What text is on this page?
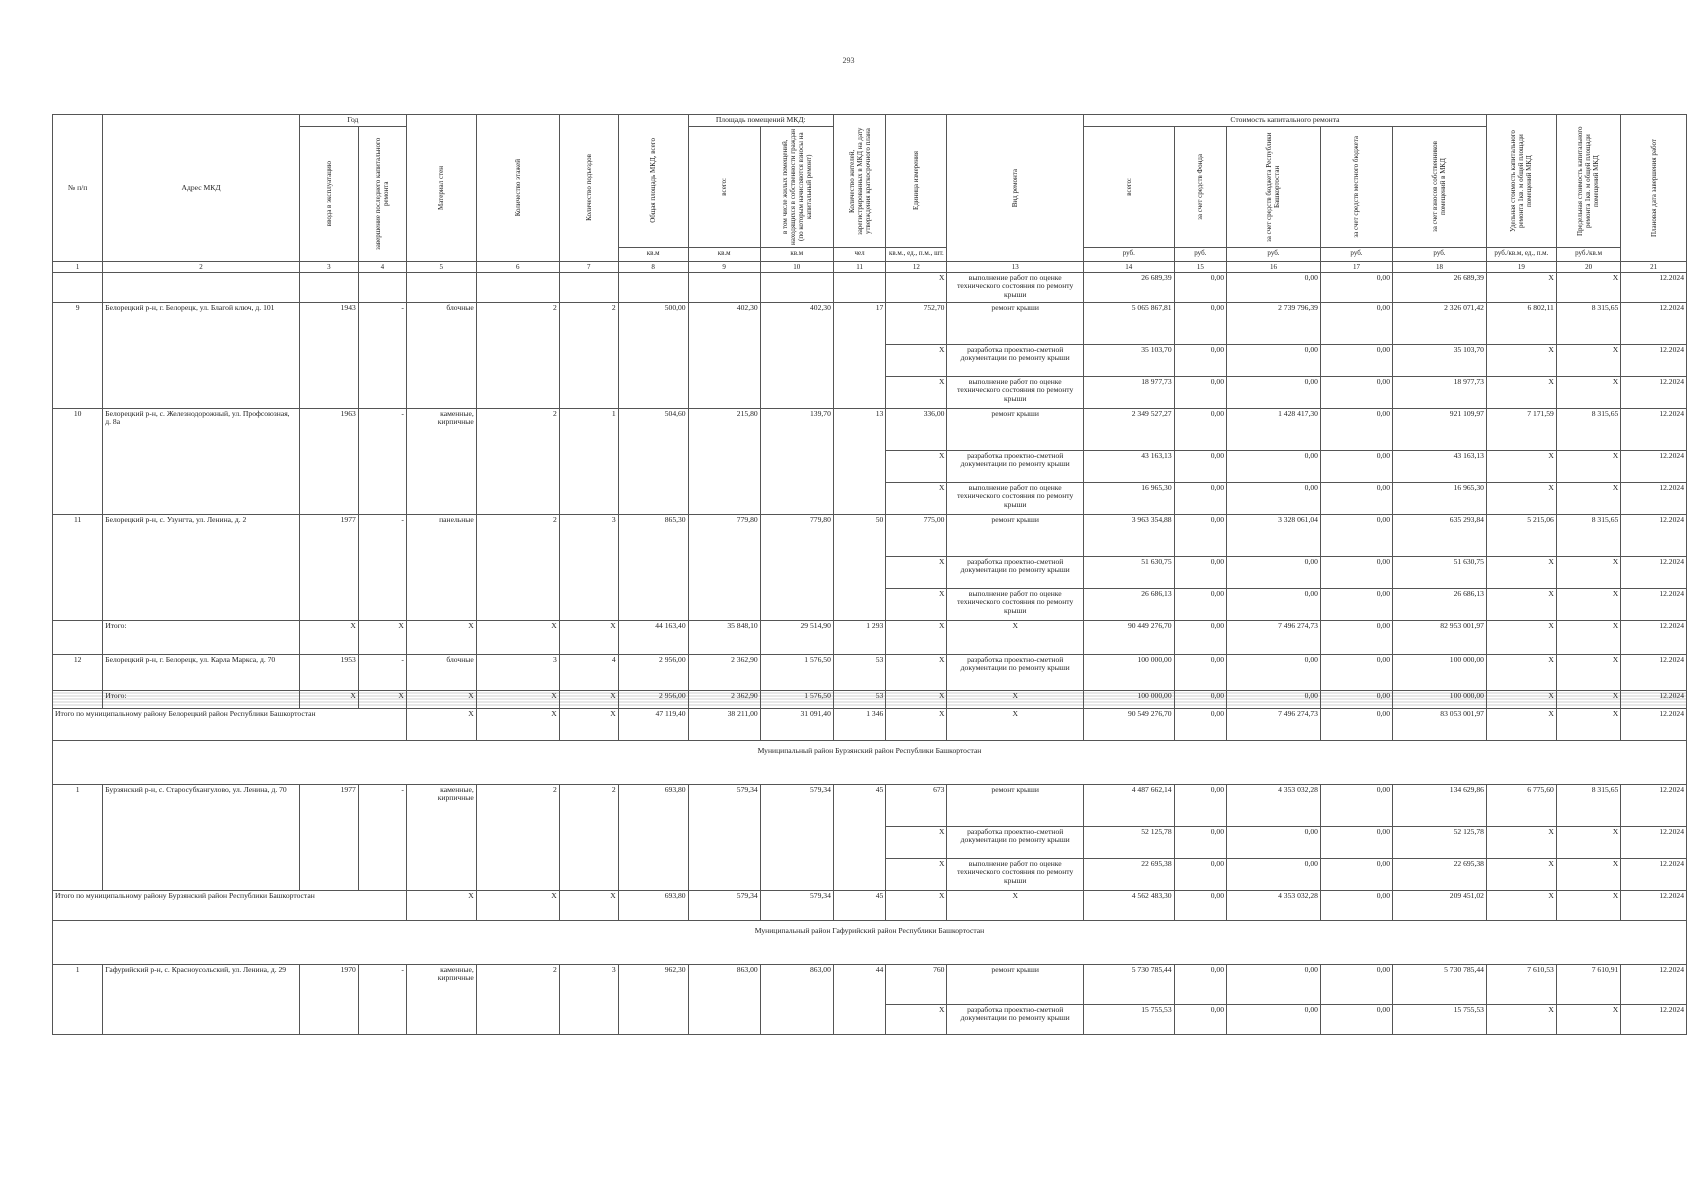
293
№ п/п	Адрес МКД	Год		Материал стен	Количество этажей	Количество подъездов	Общая площадь МКД, всего	Площадь помещений МКД:		Количество жителей, зарегистрированных в МКД на дату утверждения краткосрочного плана	Единица измерения	Вид ремонта	Стоимость капитального ремонта					Удельная стоимость капитального ремонта 1кв. м общей площади помещений МКД	Предельная стоимость капитального ремонта 1кв. м общей площади помещений МКД	Плановая дата завершения работ

		ввода в эксплуатацию	завершение последнего капитального ремонта					всего:	в том числе жилых помещений, находящихся в собственности граждан (по которым начисляются взносы на капитальный ремонт)				всего:	за счет средств Фонда	за счет средств бюджета Республики Башкортостан	за счет средств местного бюджета	за счет взносов собственников помещений в МКД			

							кв.м	кв.м	кв.м	чел	кв.м., ед., п.м., шт.		руб.	руб.	руб.	руб.	руб.	руб./кв.м, ед., п.м.	руб./кв.м	
1	2	3	4	5	6	7	8	9	10	11	12	13	14	15	16	17	18	19	20	21
											X	выполнение работ по оценке технического состояния по ремонту крыши	26 689,39	0,00	0,00	0,00	26 689,39	X	X	12.2024
9	Белорецкий р-н, г. Белорецк, ул. Благой ключ, д. 101	1943	-	блочные	2	2	500,00	402,30	402,30	17	752,70	ремонт крыши	5 065 867,81	0,00	2 739 796,39	0,00	2 326 071,42	6 802,11	8 315,65	12.2024
											X	разработка проектно-сметной документации по ремонту крыши	35 103,70	0,00	0,00	0,00	35 103,70	X	X	12.2024
											X	выполнение работ по оценке технического состояния по ремонту крыши	18 977,73	0,00	0,00	0,00	18 977,73	X	X	12.2024
10	Белорецкий р-н, с. Железнодорожный, ул. Профсоюзная, д. 8а	1963	-	каменные, кирпичные	2	1	504,60	215,80	139,70	13	336,00	ремонт крыши	2 349 527,27	0,00	1 428 417,30	0,00	921 109,97	7 171,59	8 315,65	12.2024
											X	разработка проектно-сметной документации по ремонту крыши	43 163,13	0,00	0,00	0,00	43 163,13	X	X	12.2024
											X	выполнение работ по оценке технического состояния по ремонту крыши	16 965,30	0,00	0,00	0,00	16 965,30	X	X	12.2024
11	Белорецкий р-н, с. Узунгта, ул. Ленина, д. 2	1977	-	панельные	2	3	865,30	779,80	779,80	50	775,00	ремонт крыши	3 963 354,88	0,00	3 328 061,04	0,00	635 293,84	5 215,06	8 315,65	12.2024
											X	разработка проектно-сметной документации по ремонту крыши	51 630,75	0,00	0,00	0,00	51 630,75	X	X	12.2024
											X	выполнение работ по оценке технического состояния по ремонту крыши	26 686,13	0,00	0,00	0,00	26 686,13	X	X	12.2024
	Итого:	X	X	X	X	X	44 163,40	35 848,10	29 514,90	1 293	X	X	90 449 276,70	0,00	7 496 274,73	0,00	82 953 001,97	X	X	12.2024
12	Белорецкий р-н, г. Белорецк, ул. Карла Маркса, д. 70	1953	-	блочные	3	4	2 956,00	2 362,90	1 576,50	53	X	разработка проектно-сметной документации по ремонту крыши	100 000,00	0,00	0,00	0,00	100 000,00	X	X	12.2024
	Итого:	X	X	X	X	X	2 956,00	2 362,90	1 576,50	53	X	X	100 000,00	0,00	0,00	0,00	100 000,00	X	X	12.2024
Итого по муниципальному району Белорецкий район Республики Башкортостан				X	X	X	47 119,40	38 211,00	31 091,40	1 346	X	X	90 549 276,70	0,00	7 496 274,73	0,00	83 053 001,97	X	X	12.2024
Муниципальный район Бурзянский район Республики Башкортостан																				
1	Бурзянский р-н, с. Старосубхангулово, ул. Ленина, д. 70	1977	-	каменные, кирпичные	2	2	693,80	579,34	579,34	45	673	ремонт крыши	4 487 662,14	0,00	4 353 032,28	0,00	134 629,86	6 775,60	8 315,65	12.2024
											X	разработка проектно-сметной документации по ремонту крыши	52 125,78	0,00	0,00	0,00	52 125,78	X	X	12.2024
											X	выполнение работ по оценке технического состояния по ремонту крыши	22 695,38	0,00	0,00	0,00	22 695,38	X	X	12.2024
Итого по муниципальному району Бурзянский район Республики Башкортостан				X	X	X	693,80	579,34	579,34	45	X	X	4 562 483,30	0,00	4 353 032,28	0,00	209 451,02	X	X	12.2024
Муниципальный район Гафурийский район Республики Башкортостан																				
1	Гафурийский р-н, с. Красноусольский, ул. Ленина, д. 29	1970	-	каменные, кирпичные	2	3	962,30	863,00	863,00	44	760	ремонт крыши	5 730 785,44	0,00	0,00	0,00	5 730 785,44	7 610,53	7 610,91	12.2024
											X	разработка проектно-сметной документации по ремонту крыши	15 755,53	0,00	0,00	0,00	15 755,53	X	X	12.2024
